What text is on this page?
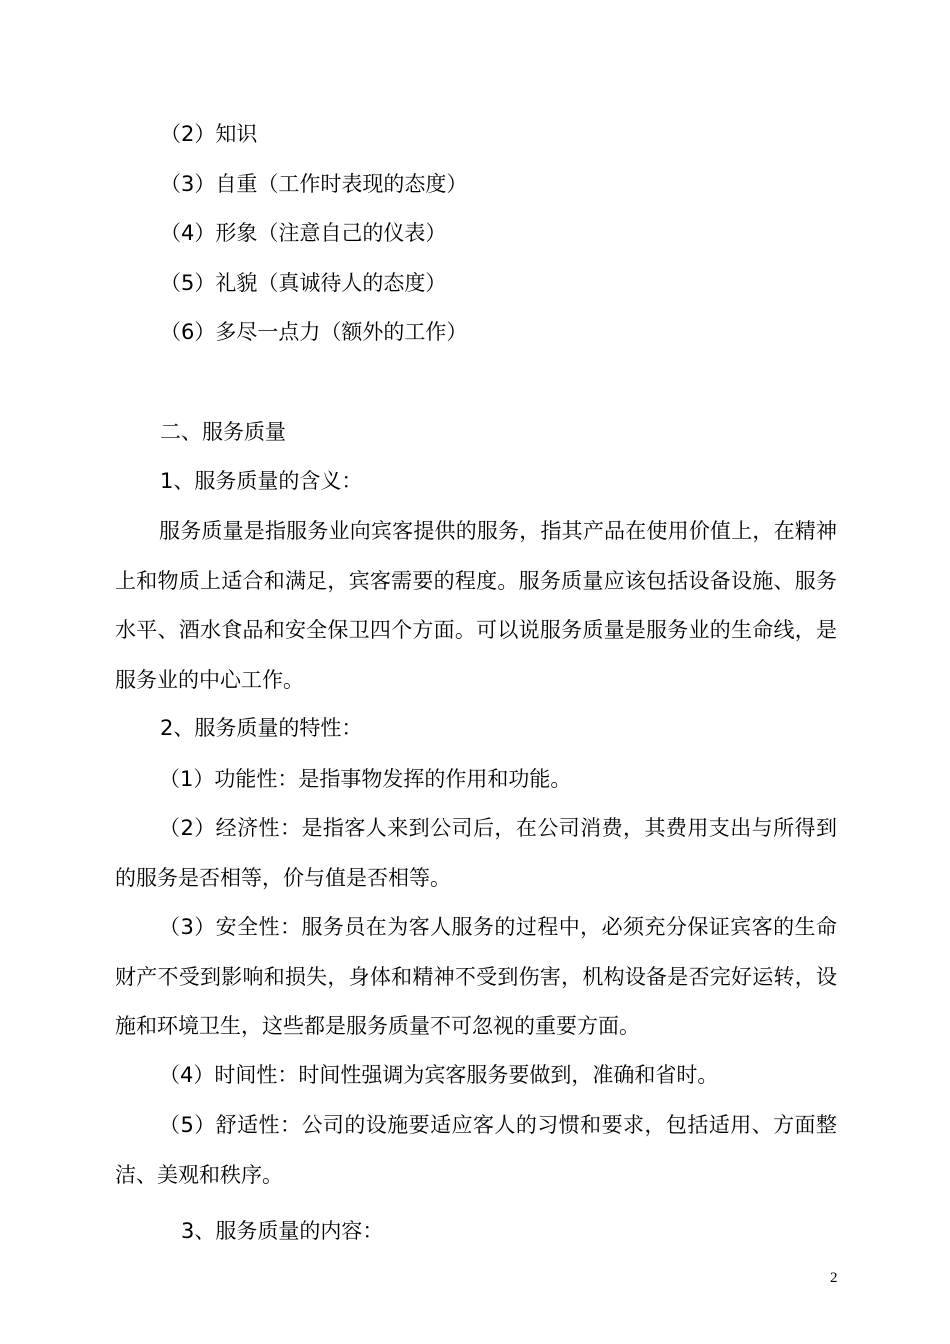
（2）知识
（3）自重（工作时表现的态度）
（4）形象（注意自己的仪表）
（5）礼貌（真诚待人的态度）
（6）多尽一点力（额外的工作）
二、服务质量
1、服务质量的含义：
服务质量是指服务业向宾客提供的服务，指其产品在使用价值上，在精神上和物质上适合和满足，宾客需要的程度。服务质量应该包括设备设施、服务水平、酒水食品和安全保卫四个方面。可以说服务质量是服务业的生命线，是服务业的中心工作。
2、服务质量的特性：
（1）功能性：是指事物发挥的作用和功能。
（2）经济性：是指客人来到公司后，在公司消费，其费用支出与所得到的服务是否相等，价与值是否相等。
（3）安全性：服务员在为客人服务的过程中，必须充分保证宾客的生命财产不受到影响和损失，身体和精神不受到伤害，机构设备是否完好运转，设施和环境卫生，这些都是服务质量不可忽视的重要方面。
（4）时间性：时间性强调为宾客服务要做到，准确和省时。
（5）舒适性：公司的设施要适应客人的习惯和要求，包括适用、方面整洁、美观和秩序。
3、服务质量的内容：
2
